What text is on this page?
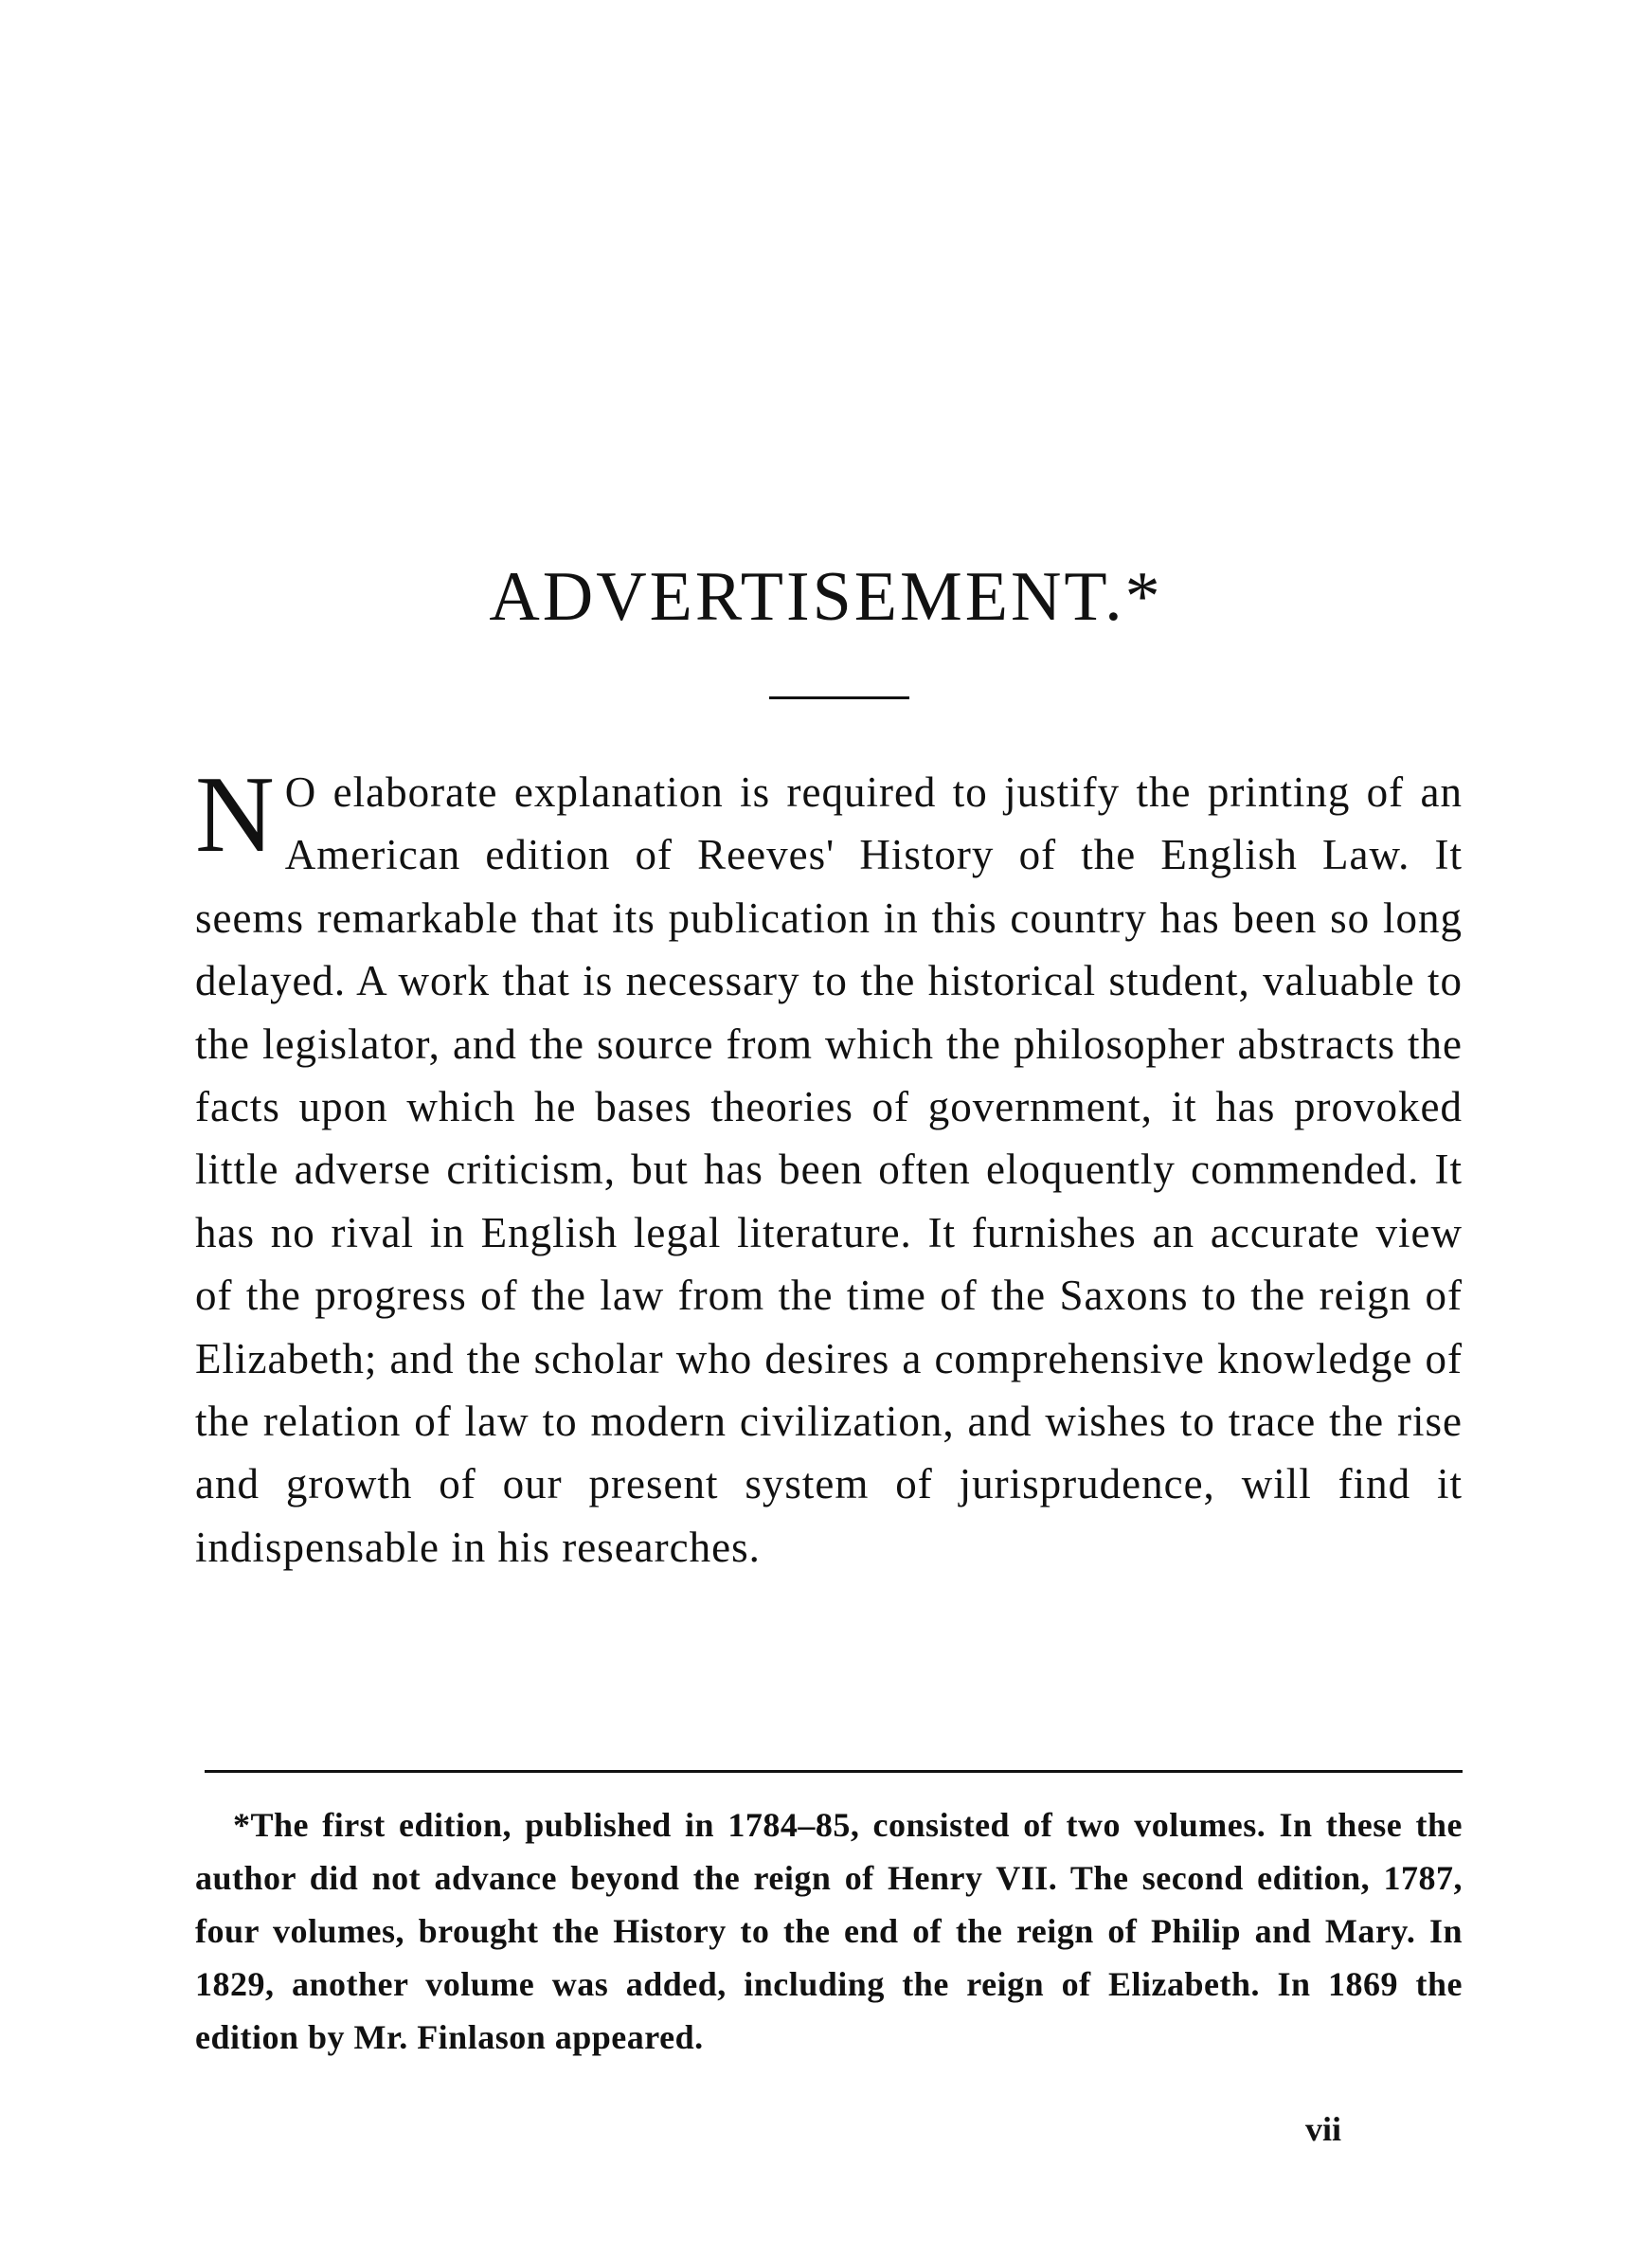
ADVERTISEMENT.*

N O elaborate explanation is required to justify the printing of an American edition of Reeves' History of the English Law. It seems remarkable that its publication in this country has been so long delayed. A work that is necessary to the historical student, valuable to the legislator, and the source from which the philosopher abstracts the facts upon which he bases theories of government, it has provoked little adverse criticism, but has been often eloquently commended. It has no rival in English legal literature. It furnishes an accurate view of the progress of the law from the time of the Saxons to the reign of Elizabeth; and the scholar who desires a comprehensive knowledge of the relation of law to modern civilization, and wishes to trace the rise and growth of our present system of jurisprudence, will find it indispensable in his researches.

*The first edition, published in 1784–85, consisted of two volumes. In these the author did not advance beyond the reign of Henry VII. The second edition, 1787, four volumes, brought the History to the end of the reign of Philip and Mary. In 1829, another volume was added, including the reign of Elizabeth. In 1869 the edition by Mr. Finlason appeared.

vii
